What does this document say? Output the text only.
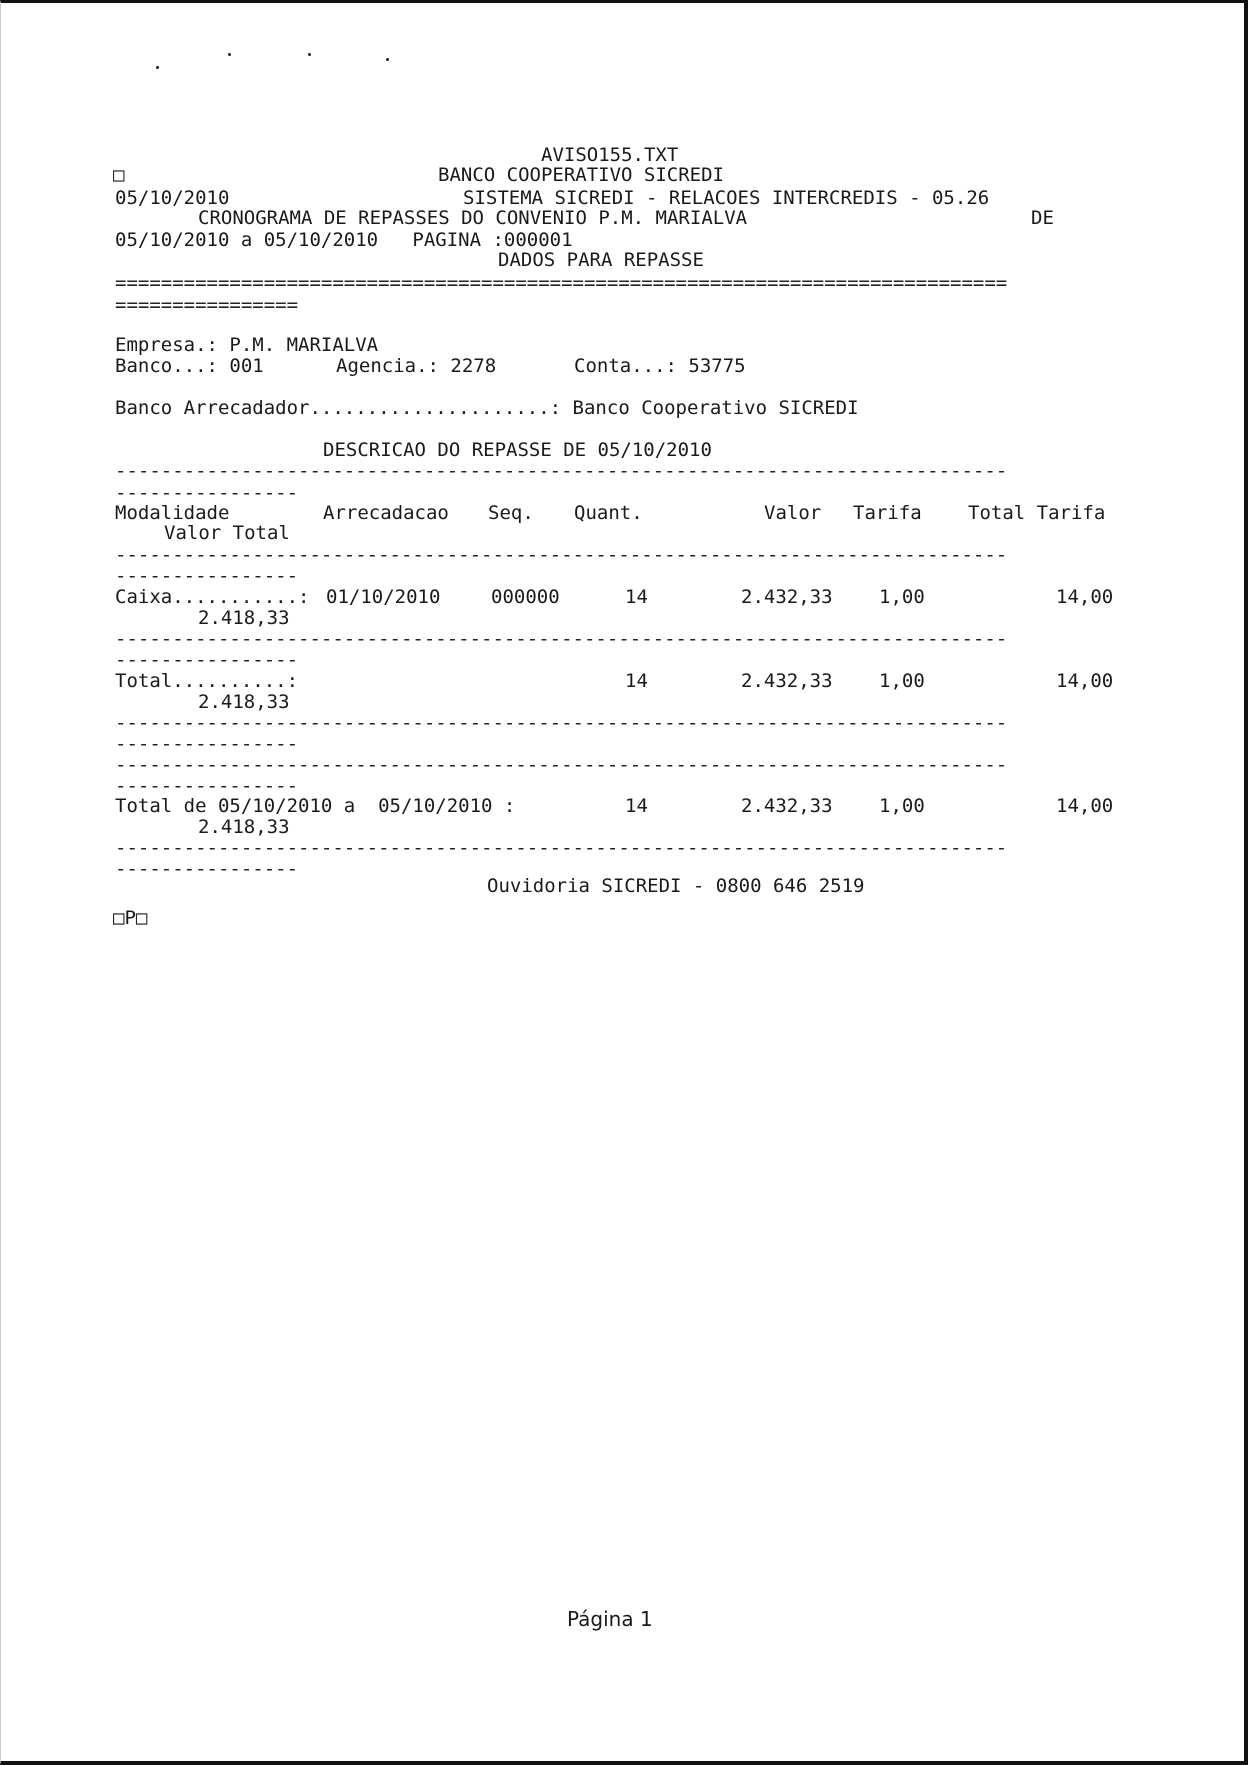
AVISO155.TXT
□	BANCO COOPERATIVO SICREDI
05/10/2010	SISTEMA SICREDI - RELACOES INTERCREDIS - 05.26
CRONOGRAMA DE REPASSES DO CONVENIO P.M. MARIALVA	DE
05/10/2010 a 05/10/2010   PAGINA :000001
DADOS PARA REPASSE
==============================================================================
================
Empresa.: P.M. MARIALVA
Banco...: 001	Agencia.: 2278	Conta...: 53775
Banco Arrecadador.....................: Banco Cooperativo SICREDI
DESCRICAO DO REPASSE DE 05/10/2010
------------------------------------------------------------------------------
----------------
Modalidade	Arrecadacao Seq. Quant.	Valor Tarifa Total Tarifa
Valor Total
------------------------------------------------------------------------------
----------------
Caixa...........: 01/10/2010	000000	14	2.432,33 1,00	14,00
2.418,33
------------------------------------------------------------------------------
----------------
Total..........:	14	2.432,33 1,00	14,00
2.418,33
------------------------------------------------------------------------------
----------------
------------------------------------------------------------------------------
----------------
Total de 05/10/2010 a  05/10/2010 :	14	2.432,33 1,00	14,00
2.418,33
------------------------------------------------------------------------------
----------------
Ouvidoria SICREDI - 0800 646 2519
□P□
Página 1
